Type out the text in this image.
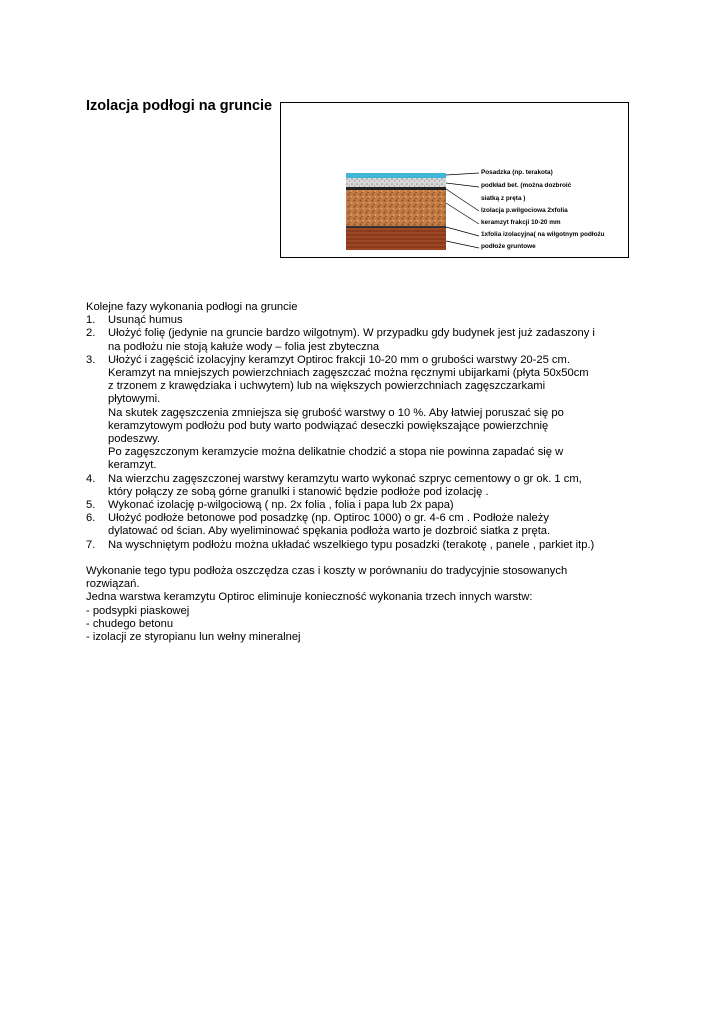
Izolacja podłogi na gruncie
Posadzka (np. terakota)
podkład bet. (można dozbroić
siatką z pręta )
Izolacja p.wilgociowa 2xfolia
keramzyt frakcji 10-20 mm
1xfolia izolacyjna( na wilgotnym podłożu
podłoże gruntowe

Kolejne fazy wykonania podłogi na gruncie

1. Usunąć humus
2. Ułożyć folię (jedynie na gruncie bardzo wilgotnym). W przypadku gdy budynek jest już zadaszony i
na podłożu nie stoją kałuże wody – folia jest zbyteczna
3. Ułożyć i zagęścić izolacyjny keramzyt Optiroc frakcji 10-20 mm o grubości warstwy 20-25 cm.
Keramzyt na mniejszych powierzchniach zagęszczać można ręcznymi ubijarkami (płyta 50x50cm
z trzonem z krawędziaka i uchwytem) lub na większych powierzchniach zagęszczarkami
płytowymi.
Na skutek zagęszczenia zmniejsza się grubość warstwy o 10 %. Aby łatwiej poruszać się po
keramzytowym podłożu pod buty warto podwiązać deseczki powiększające powierzchnię
podeszwy.
Po zagęszczonym keramzycie można delikatnie chodzić a stopa nie powinna zapadać się w
keramzyt.
4. Na wierzchu zagęszczonej warstwy keramzytu warto wykonać szpryc cementowy o gr ok. 1 cm,
który połączy ze sobą górne granulki i stanowić będzie podłoże pod izolację .
5. Wykonać izolację p-wilgociową ( np. 2x folia , folia i papa lub 2x papa)
6. Ułożyć podłoże betonowe pod posadzkę (np. Optiroc 1000) o gr. 4-6 cm . Podłoże należy
dylatować od ścian. Aby wyeliminować spękania podłoża warto je dozbroić siatka z pręta.
7. Na wyschniętym podłożu można układać wszelkiego typu posadzki (terakotę , panele , parkiet itp.)

Wykonanie tego typu podłoża oszczędza czas i koszty w porównaniu do tradycyjnie stosowanych

rozwiązań.

Jedna warstwa keramzytu Optiroc eliminuje konieczność wykonania trzech innych warstw:

- podsypki piaskowej

- chudego betonu

- izolacji ze styropianu lun wełny mineralnej
